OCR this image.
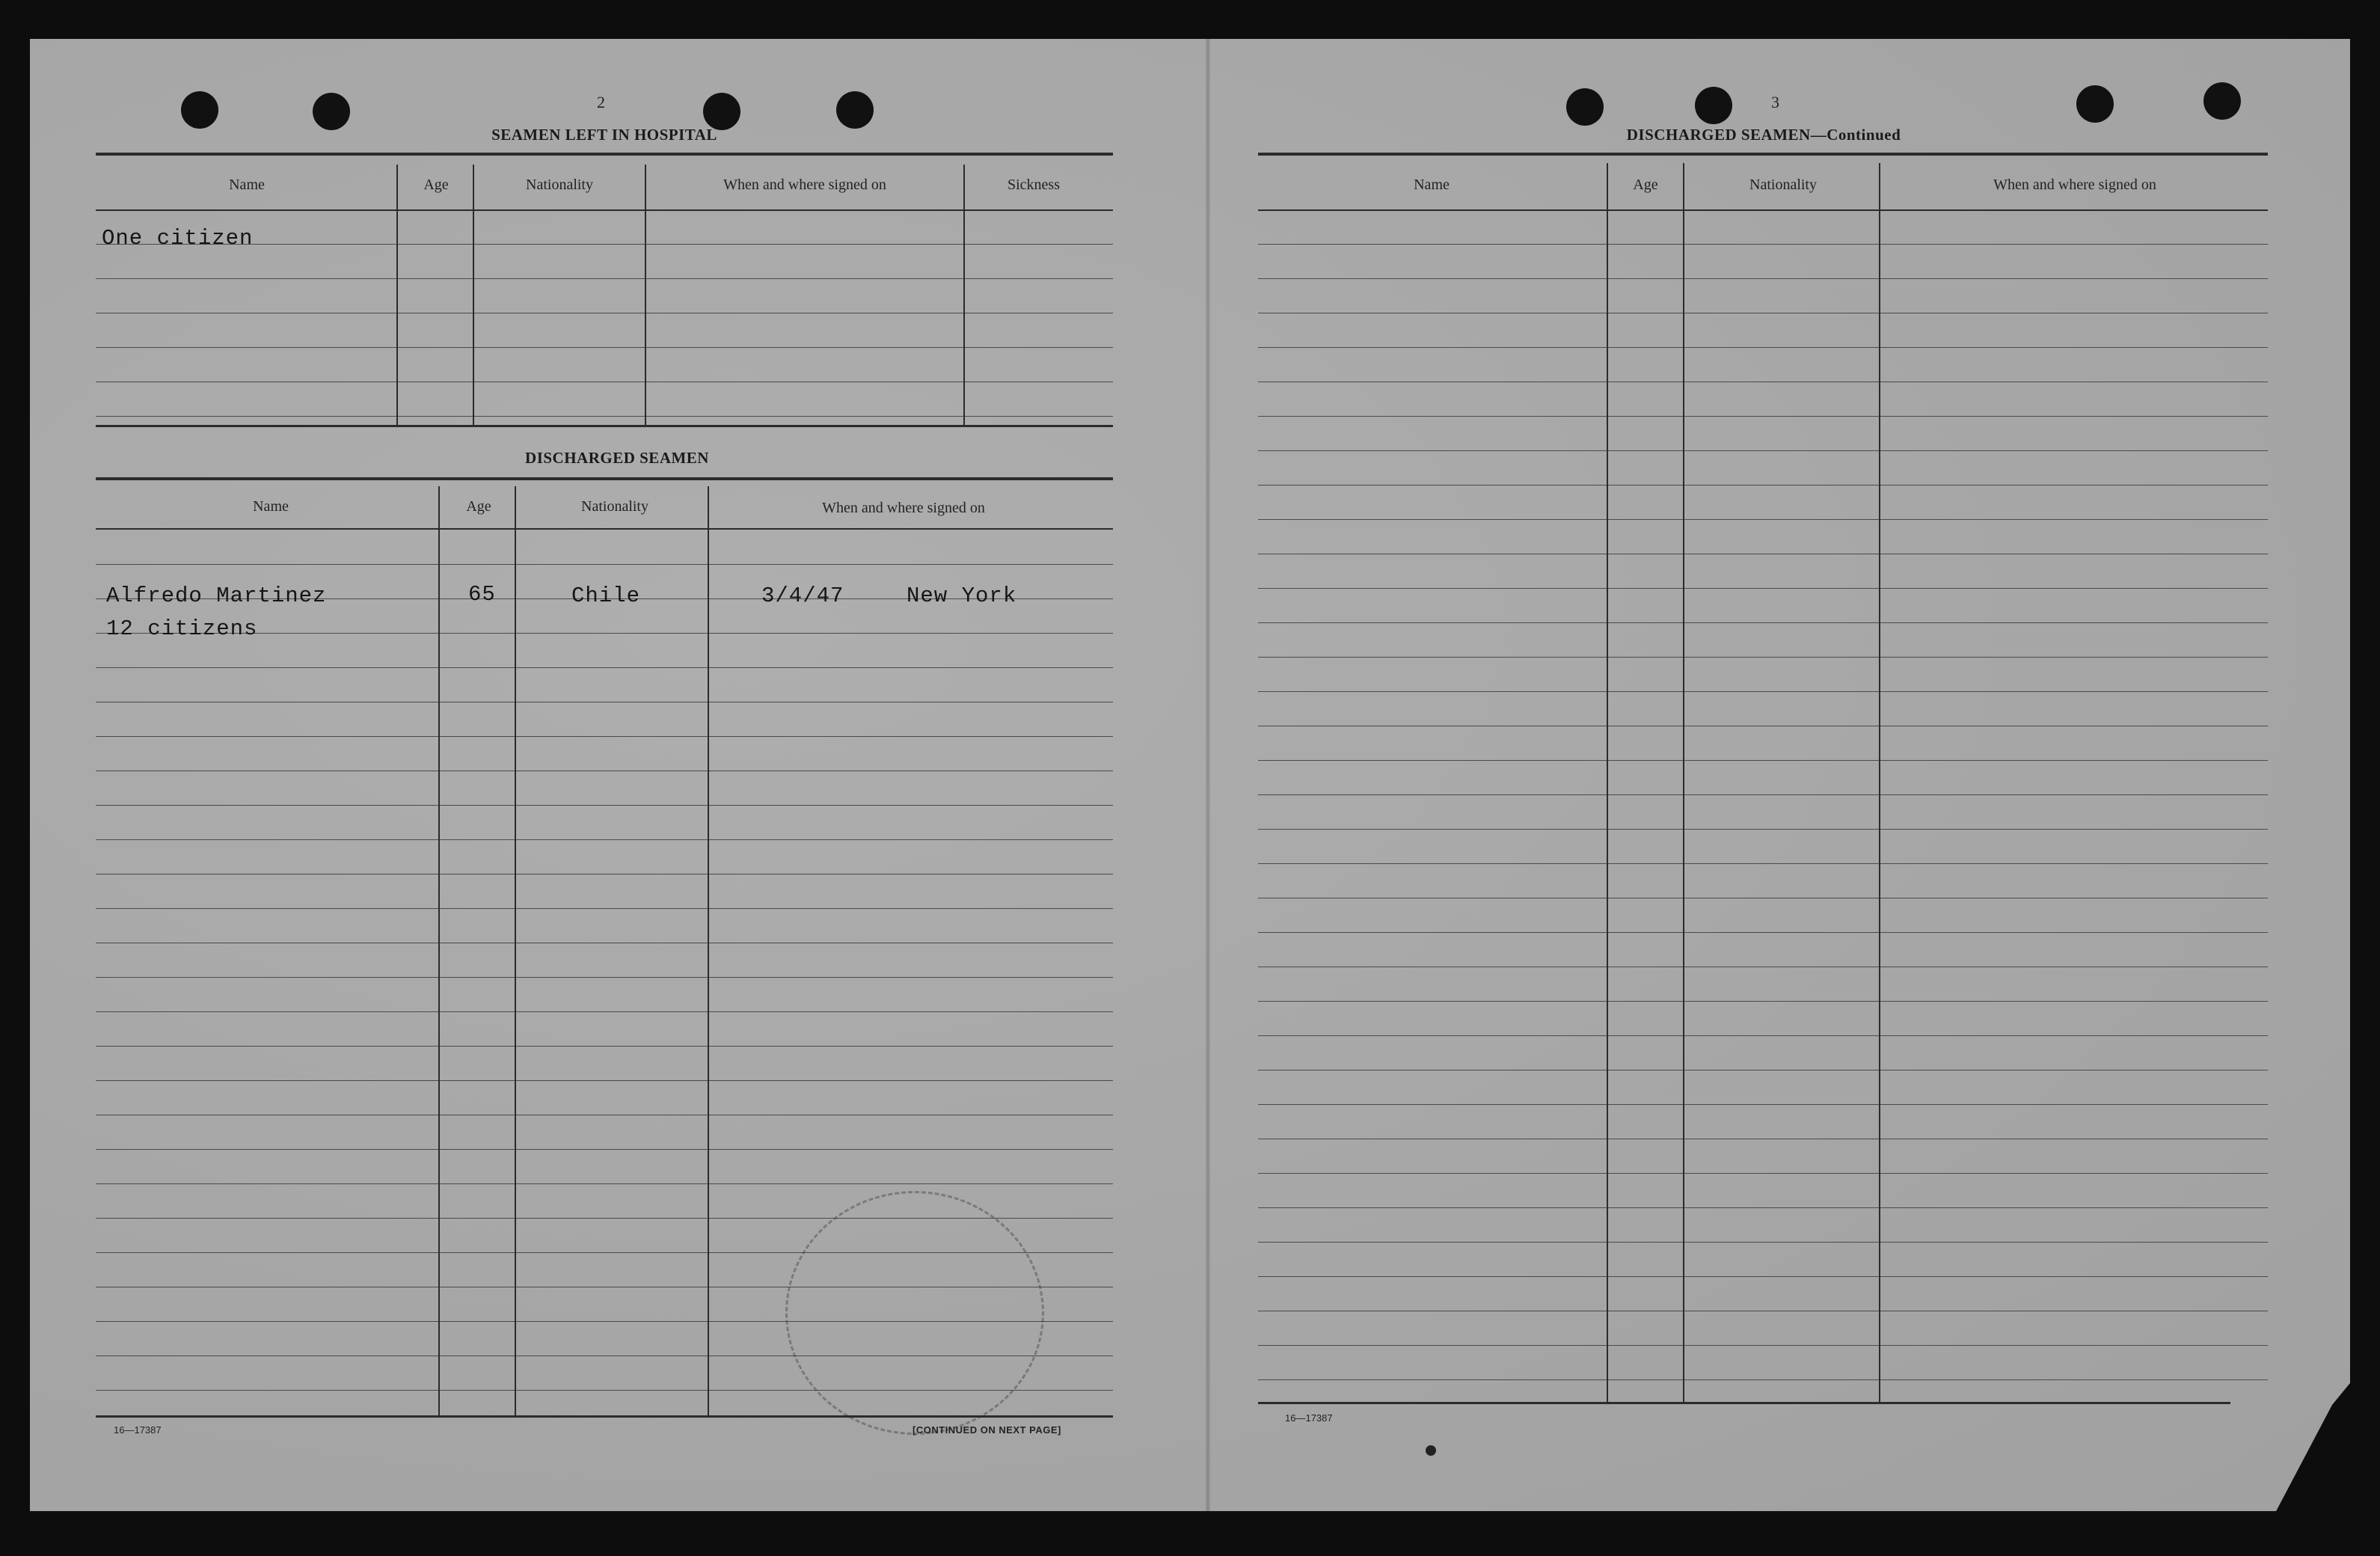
2
SEAMEN LEFT IN HOSPITAL
Name	Age	Nationality	When and where signed on	Sickness
One citizen
DISCHARGED SEAMEN
Name	Age	Nationality	When and where signed on
Alfredo Martinez	65	Chile	3/4/47	New York
12 citizens
16—17387	[CONTINUED ON NEXT PAGE]
3
DISCHARGED SEAMEN—Continued
Name	Age	Nationality	When and where signed on
16—17387
